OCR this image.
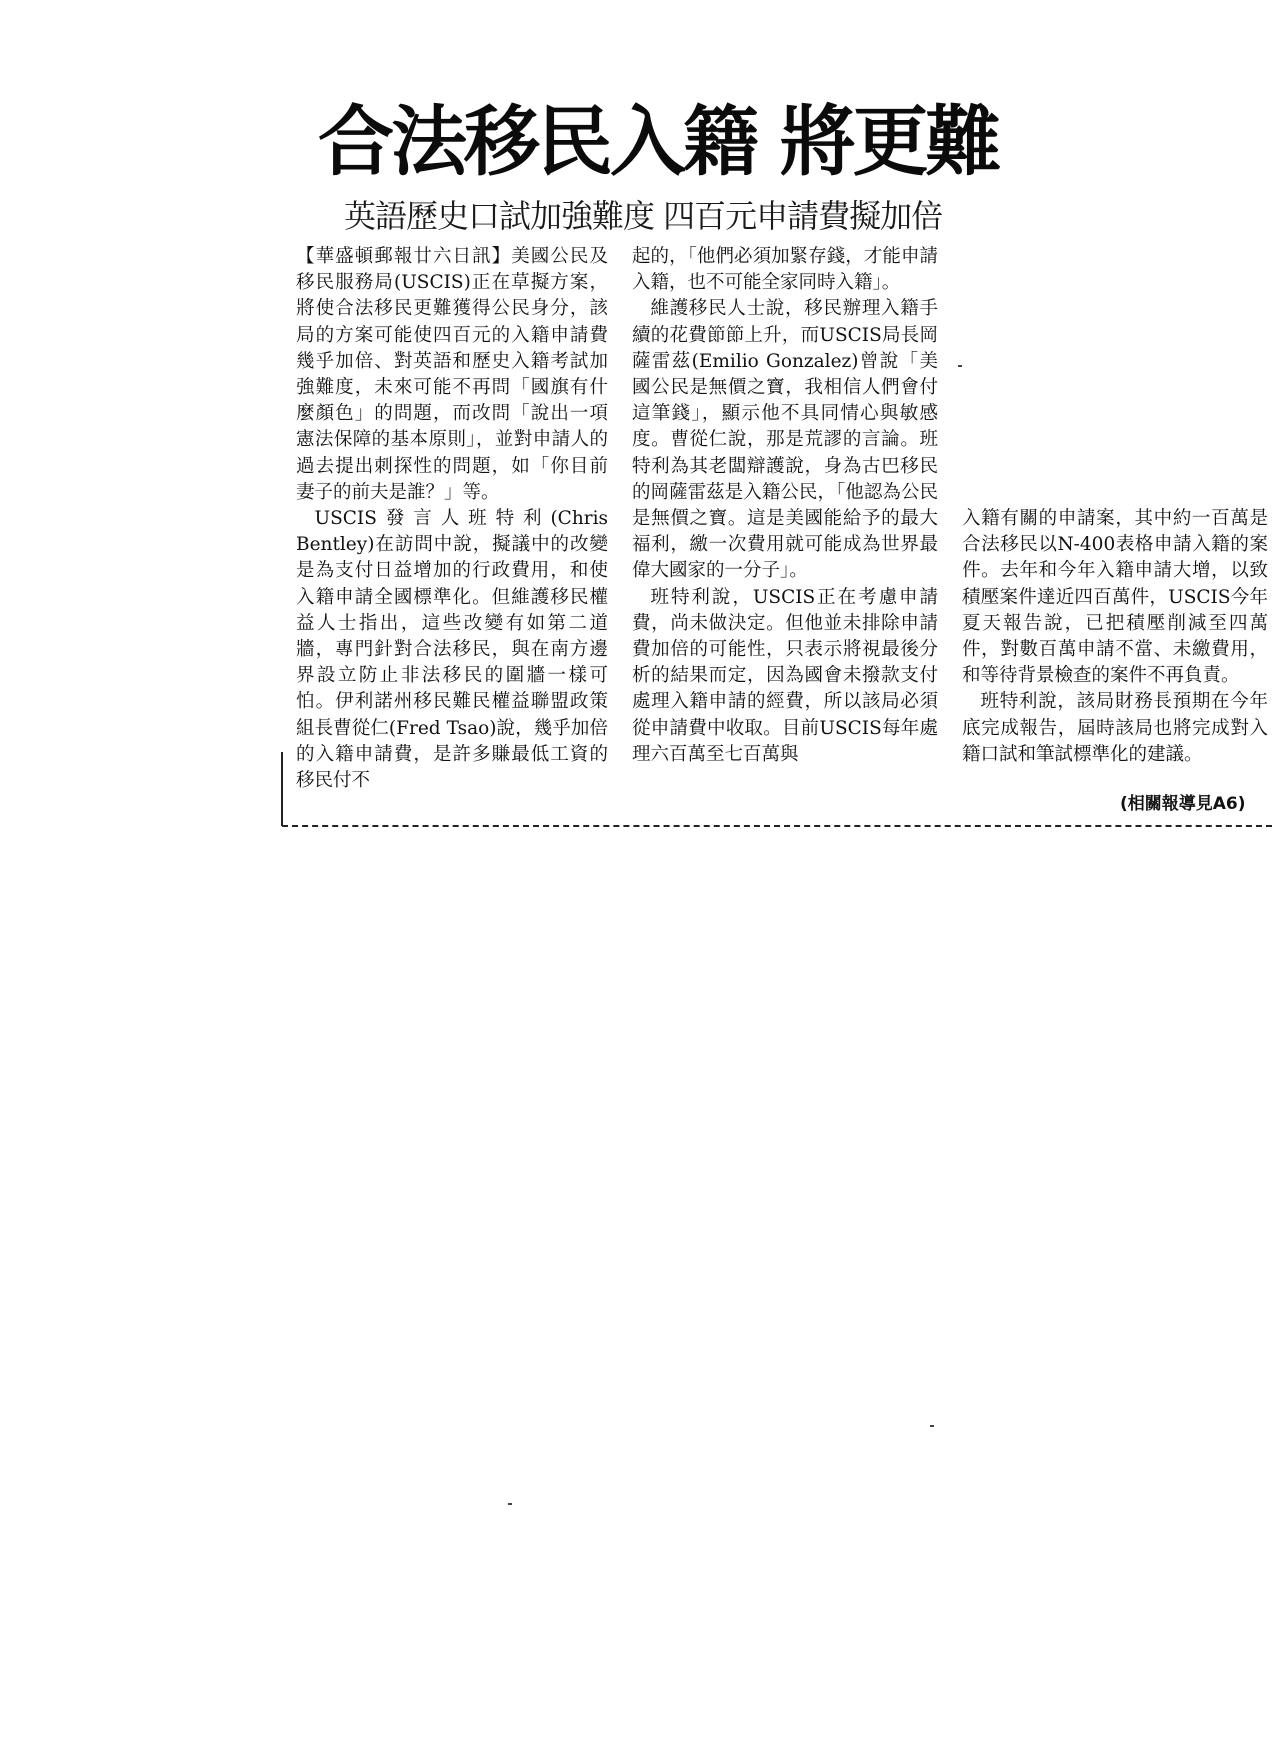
合法移民入籍 將更難
英語歷史口試加強難度 四百元申請費擬加倍

【華盛頓郵報廿六日訊】美國公民及移民服務局(USCIS)正在草擬方案，將使合法移民更難獲得公民身分，該局的方案可能使四百元的入籍申請費幾乎加倍、對英語和歷史入籍考試加強難度，未來可能不再問「國旗有什麼顏色」的問題，而改問「說出一項憲法保障的基本原則」，並對申請人的過去提出刺探性的問題，如「你目前妻子的前夫是誰？」等。

USCIS發言人班特利(Chris Bentley)在訪問中說，擬議中的改變是為支付日益增加的行政費用，和使入籍申請全國標準化。但維護移民權益人士指出，這些改變有如第二道牆，專門針對合法移民，與在南方邊界設立防止非法移民的圍牆一樣可怕。伊利諾州移民難民權益聯盟政策組長曹從仁(Fred Tsao)說，幾乎加倍的入籍申請費，是許多賺最低工資的移民付不

起的，「他們必須加緊存錢，才能申請入籍，也不可能全家同時入籍」。

維護移民人士說，移民辦理入籍手續的花費節節上升，而USCIS局長岡薩雷茲(Emilio Gonzalez)曾說「美國公民是無價之寶，我相信人們會付這筆錢」，顯示他不具同情心與敏感度。曹從仁說，那是荒謬的言論。班特利為其老闆辯護說，身為古巴移民的岡薩雷茲是入籍公民，「他認為公民是無價之寶。這是美國能給予的最大福利，繳一次費用就可能成為世界最偉大國家的一分子」。

班特利說，USCIS正在考慮申請費，尚未做決定。但他並未排除申請費加倍的可能性，只表示將視最後分析的結果而定，因為國會未撥款支付處理入籍申請的經費，所以該局必須從申請費中收取。目前USCIS每年處理六百萬至七百萬與

入籍有關的申請案，其中約一百萬是合法移民以N-400表格申請入籍的案件。去年和今年入籍申請大增，以致積壓案件達近四百萬件，USCIS今年夏天報告說，已把積壓削減至四萬件，對數百萬申請不當、未繳費用，和等待背景檢查的案件不再負責。

班特利說，該局財務長預期在今年底完成報告，屆時該局也將完成對入籍口試和筆試標準化的建議。

(相關報導見A6)
